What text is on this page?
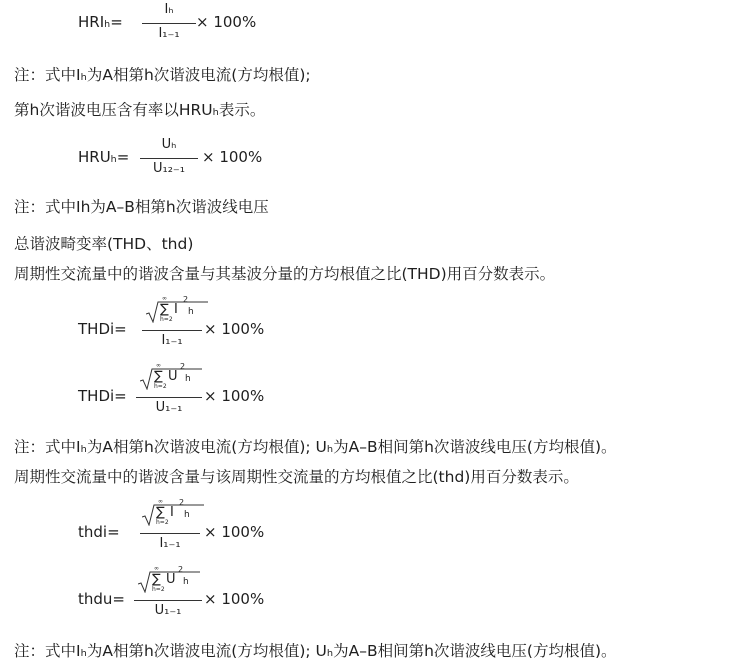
HRIₕ=
Iₕ
I₁₋₁
× 100%
注：式中Iₕ为A相第h次谐波电流(方均根值);
第h次谐波电压含有率以HRUₕ表示。
HRUₕ=
Uₕ
U₁₂₋₁
× 100%
注：式中Ih为A–B相第h次谐波线电压
总谐波畸变率(THD、thd)
周期性交流量中的谐波含量与其基波分量的方均根值之比(THD)用百分数表示。
THDi=
∞
∑
h=2
I
2
h
I₁₋₁
× 100%
THDi=
∞
∑
h=2
U
2
h
U₁₋₁
× 100%
注：式中Iₕ为A相第h次谐波电流(方均根值); Uₕ为A–B相间第h次谐波线电压(方均根值)。
周期性交流量中的谐波含量与该周期性交流量的方均根值之比(thd)用百分数表示。
thdi=
∞
∑
h=2
I
2
h
I₁₋₁
× 100%
thdu=
∞
∑
h=2
U
2
h
U₁₋₁
× 100%
注：式中Iₕ为A相第h次谐波电流(方均根值); Uₕ为A–B相间第h次谐波线电压(方均根值)。
